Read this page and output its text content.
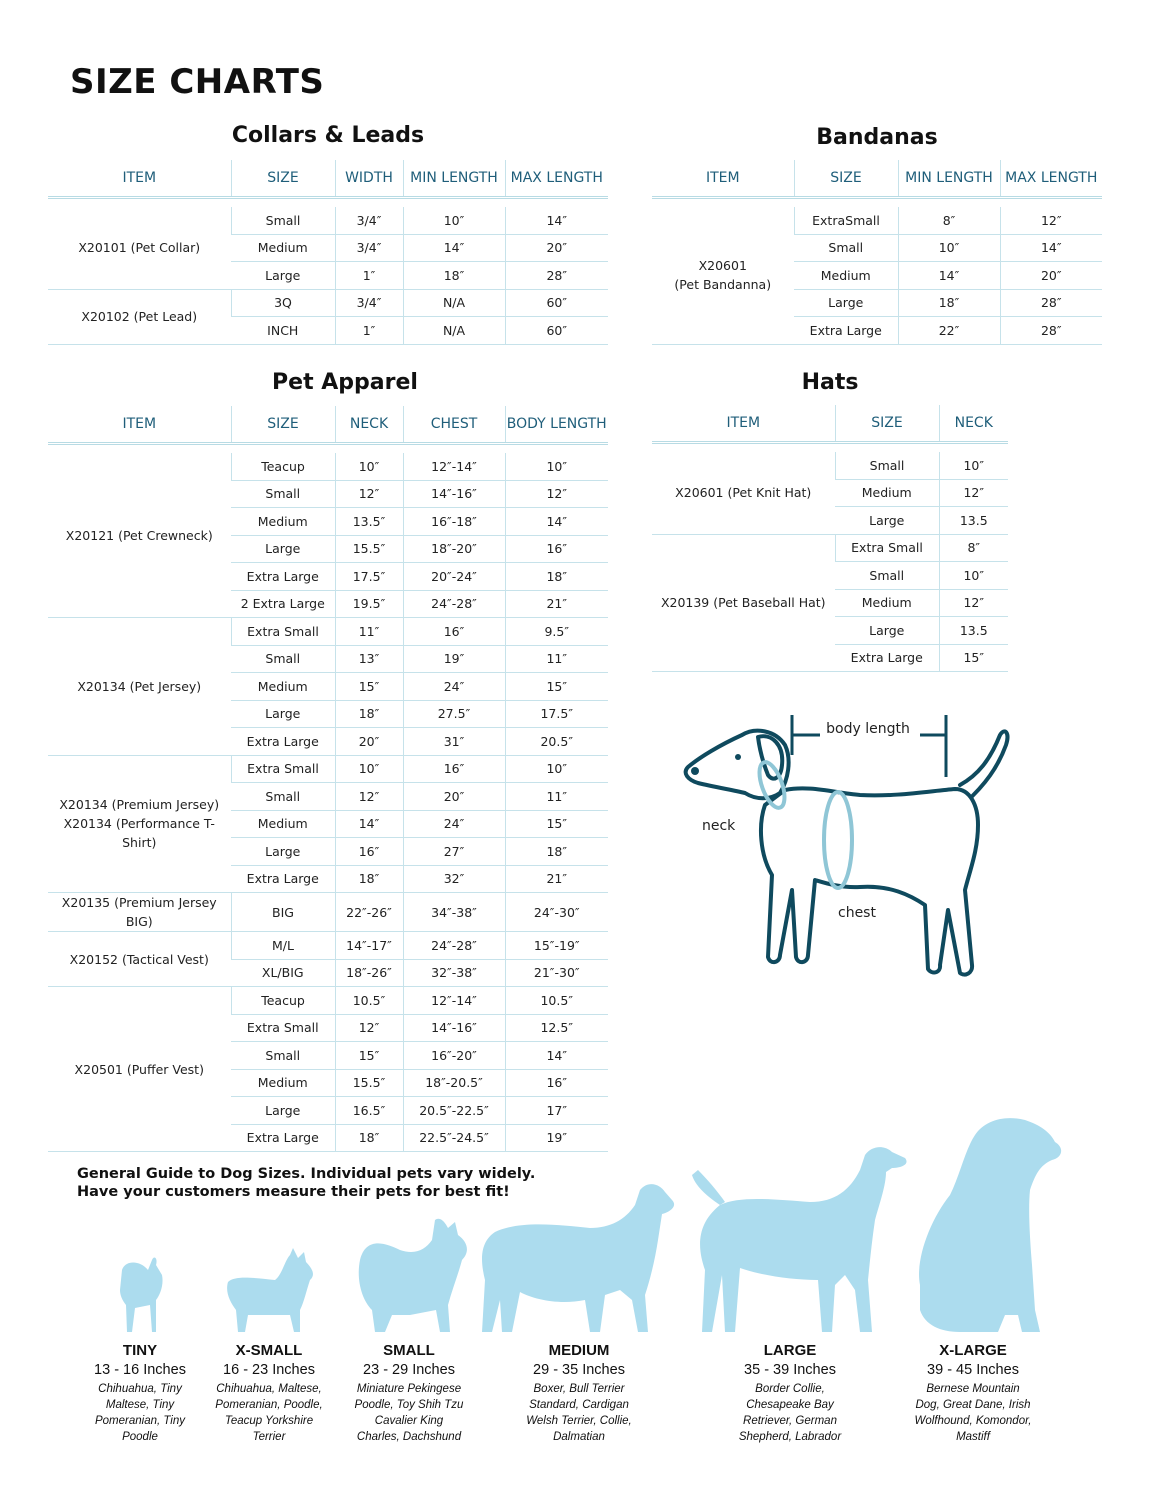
SIZE CHARTS
Collars & Leads
ITEM	SIZE	WIDTH	MIN LENGTH	MAX LENGTH

X20101 (Pet Collar)	Small	3/4″	10″	14″
	Medium	3/4″	14″	20″
	Large	1″	18″	28″
X20102 (Pet Lead)	3Q	3/4″	N/A	60″
	INCH	1″	N/A	60″
Bandanas
ITEM	SIZE	MIN LENGTH	MAX LENGTH

X20601
(Pet Bandanna)	ExtraSmall	8″	12″
	Small	10″	14″
	Medium	14″	20″
	Large	18″	28″
	Extra Large	22″	28″
Pet Apparel
ITEM	SIZE	NECK	CHEST	BODY LENGTH

X20121 (Pet Crewneck)	Teacup	10″	12″-14″	10″
	Small	12″	14″-16″	12″
	Medium	13.5″	16″-18″	14″
	Large	15.5″	18″-20″	16″
	Extra Large	17.5″	20″-24″	18″
	2 Extra Large	19.5″	24″-28″	21″
X20134 (Pet Jersey)	Extra Small	11″	16″	9.5″
	Small	13″	19″	11″
	Medium	15″	24″	15″
	Large	18″	27.5″	17.5″
	Extra Large	20″	31″	20.5″
X20134 (Premium Jersey)
X20134 (Performance T-Shirt)	Extra Small	10″	16″	10″
	Small	12″	20″	11″
	Medium	14″	24″	15″
	Large	16″	27″	18″
	Extra Large	18″	32″	21″
X20135 (Premium Jersey BIG)	BIG	22″-26″	34″-38″	24″-30″
X20152 (Tactical Vest)	M/L	14″-17″	24″-28″	15″-19″
	XL/BIG	18″-26″	32″-38″	21″-30″
X20501 (Puffer Vest)	Teacup	10.5″	12″-14″	10.5″
	Extra Small	12″	14″-16″	12.5″
	Small	15″	16″-20″	14″
	Medium	15.5″	18″-20.5″	16″
	Large	16.5″	20.5″-22.5″	17″
	Extra Large	18″	22.5″-24.5″	19″
Hats
ITEM	SIZE	NECK

X20601 (Pet Knit Hat)	Small	10″
	Medium	12″
	Large	13.5
X20139 (Pet Baseball Hat)	Extra Small	8″
	Small	10″
	Medium	12″
	Large	13.5
	Extra Large	15″
body length
neck
chest
General Guide to Dog Sizes. Individual pets vary widely. Have your customers measure their pets for best fit!
TINY
13 - 16 Inches
Chihuahua, Tiny
Maltese, Tiny
Pomeranian, Tiny
Poodle
X-SMALL
16 - 23 Inches
Chihuahua, Maltese,
Pomeranian, Poodle,
Teacup Yorkshire
Terrier
SMALL
23 - 29 Inches
Miniature Pekingese
Poodle, Toy Shih Tzu
Cavalier King
Charles, Dachshund
MEDIUM
29 - 35 Inches
Boxer, Bull Terrier
Standard, Cardigan
Welsh Terrier, Collie,
Dalmatian
LARGE
35 - 39 Inches
Border Collie,
Chesapeake Bay
Retriever, German
Shepherd, Labrador
X-LARGE
39 - 45 Inches
Bernese Mountain
Dog, Great Dane, Irish
Wolfhound, Komondor,
Mastiff
